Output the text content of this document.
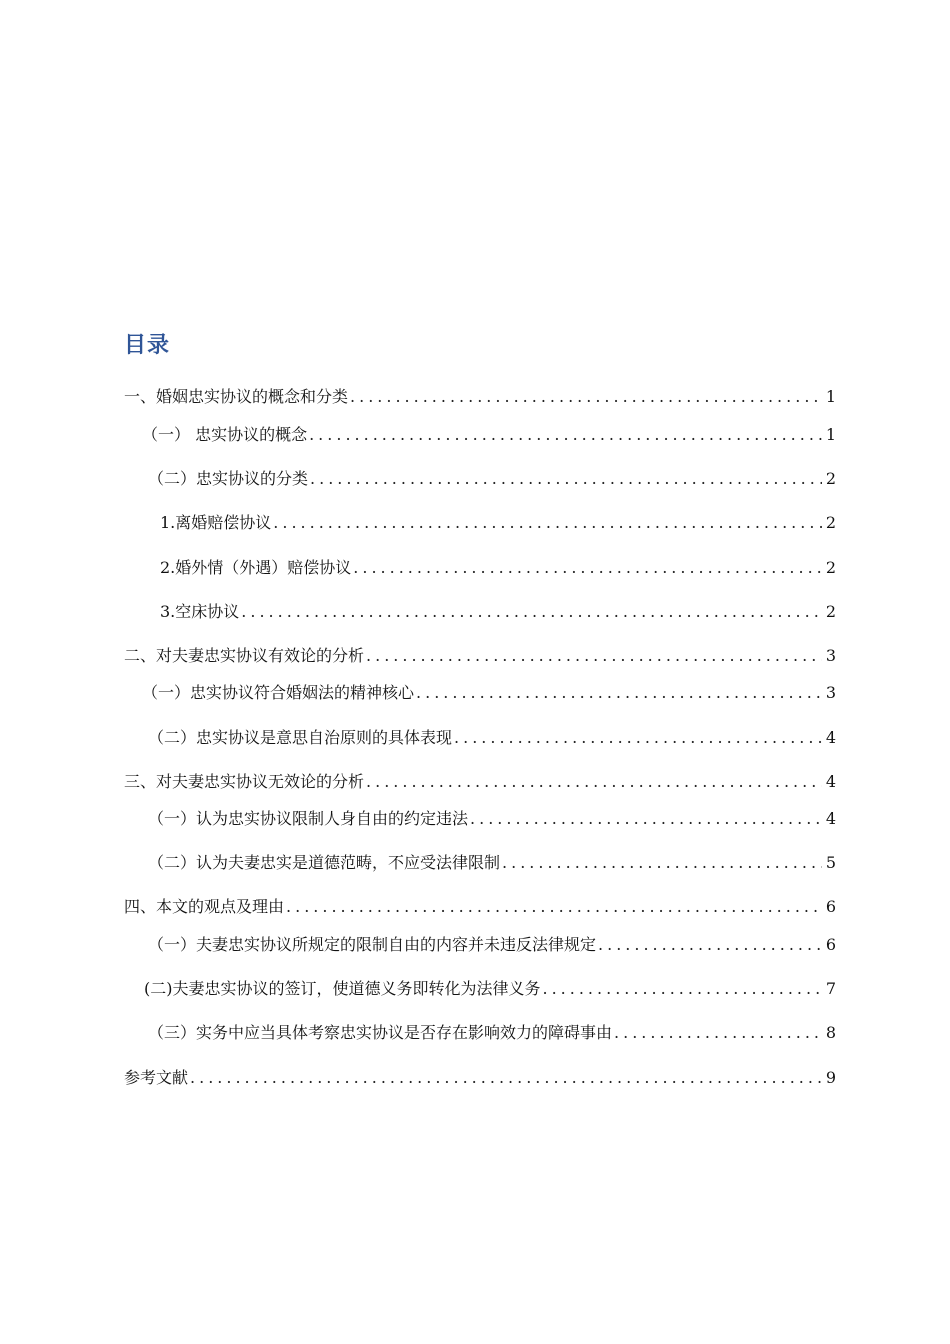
目录
一、婚姻忠实协议的概念和分类 .....	1
（一） 忠实协议的概念 .....	1
（二）忠实协议的分类 .....	2
1.离婚赔偿协议 .....	2
2.婚外情（外遇）赔偿协议 .....	2
3.空床协议 .....	2
二、对夫妻忠实协议有效论的分析 .....	3
（一）忠实协议符合婚姻法的精神核心 .....	3
（二）忠实协议是意思自治原则的具体表现 .....	4
三、对夫妻忠实协议无效论的分析 .....	4
（一）认为忠实协议限制人身自由的约定违法 .....	4
（二）认为夫妻忠实是道德范畴，不应受法律限制 .....	5
四、本文的观点及理由 .....	6
（一）夫妻忠实协议所规定的限制自由的内容并未违反法律规定 .....	6
(二)夫妻忠实协议的签订，使道德义务即转化为法律义务 .....	7
（三）实务中应当具体考察忠实协议是否存在影响效力的障碍事由 .....	8
参考文献 .....	9
